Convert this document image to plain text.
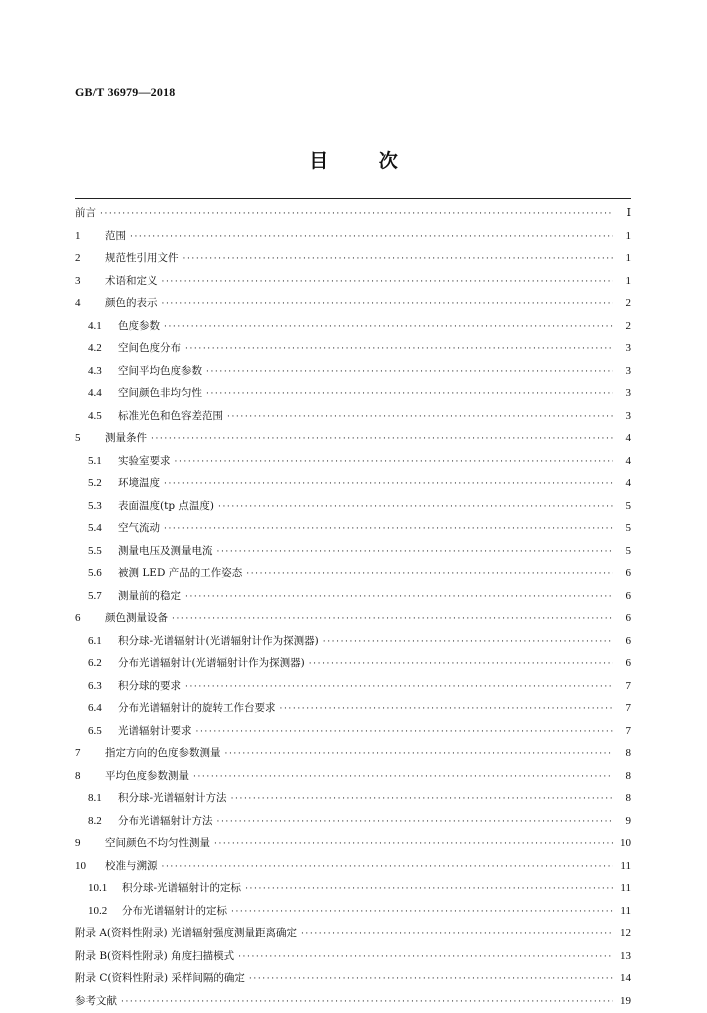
GB/T 36979—2018
目 次
前言 ·····	Ⅰ
1	范围 ·····	1
2	规范性引用文件 ·····	1
3	术语和定义 ·····	1
4	颜色的表示 ·····	2
4.1	色度参数 ·····	2
4.2	空间色度分布 ·····	3
4.3	空间平均色度参数 ·····	3
4.4	空间颜色非均匀性 ·····	3
4.5	标准光色和色容差范围 ·····	3
5	测量条件 ·····	4
5.1	实验室要求 ·····	4
5.2	环境温度 ·····	4
5.3	表面温度(tp 点温度) ·····	5
5.4	空气流动 ·····	5
5.5	测量电压及测量电流 ·····	5
5.6	被测 LED 产品的工作姿态 ·····	6
5.7	测量前的稳定 ·····	6
6	颜色测量设备 ·····	6
6.1	积分球-光谱辐射计(光谱辐射计作为探测器) ·····	6
6.2	分布光谱辐射计(光谱辐射计作为探测器) ·····	6
6.3	积分球的要求 ·····	7
6.4	分布光谱辐射计的旋转工作台要求 ·····	7
6.5	光谱辐射计要求 ·····	7
7	指定方向的色度参数测量 ·····	8
8	平均色度参数测量 ·····	8
8.1	积分球-光谱辐射计方法 ·····	8
8.2	分布光谱辐射计方法 ·····	9
9	空间颜色不均匀性测量 ·····	10
10	校准与溯源 ·····	11
10.1	积分球-光谱辐射计的定标 ·····	11
10.2	分布光谱辐射计的定标 ·····	11
附录 A(资料性附录) 光谱辐射强度测量距离确定 ·····	12
附录 B(资料性附录) 角度扫描模式 ·····	13
附录 C(资料性附录) 采样间隔的确定 ·····	14
参考文献 ·····	19
